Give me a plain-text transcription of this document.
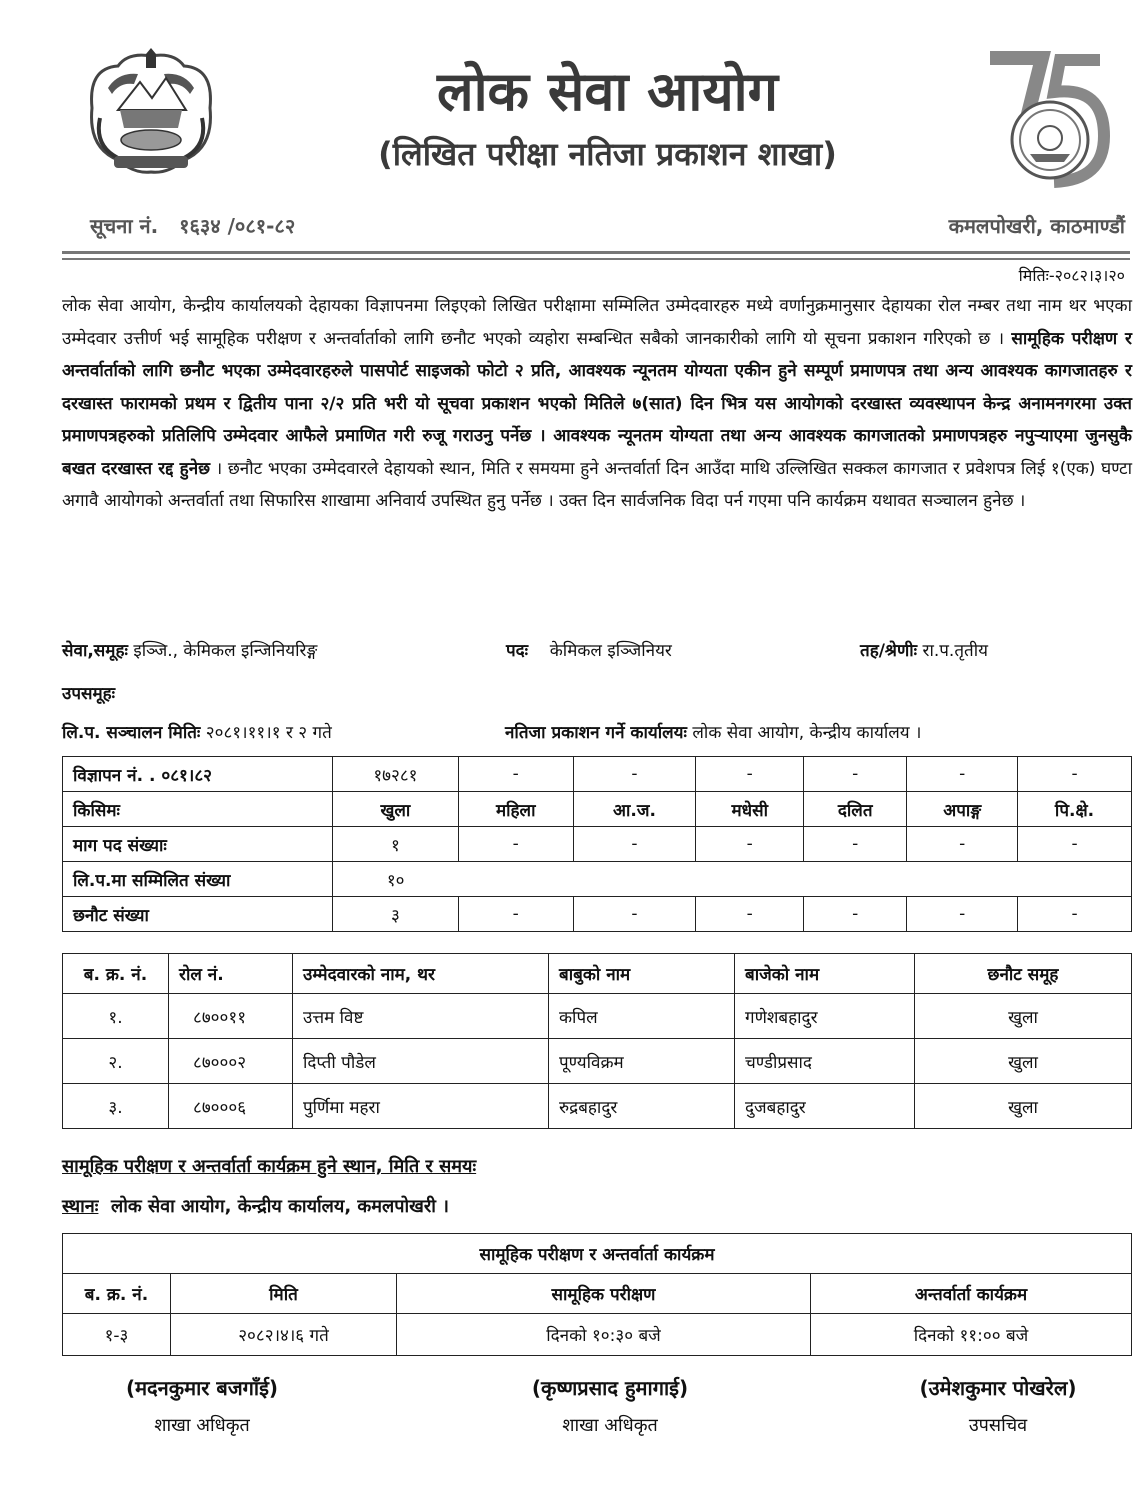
75
लोक सेवा आयोग
(लिखित परीक्षा नतिजा प्रकाशन शाखा)
सूचना नं. १६३४ /०८१-८२	कमलपोखरी, काठमाण्डौं
मितिः-२०८२।३।२०
लोक सेवा आयोग, केन्द्रीय कार्यालयको देहायका विज्ञापनमा लिइएको लिखित परीक्षामा सम्मिलित उम्मेदवारहरु मध्ये वर्णानुक्रमानुसार देहायका रोल नम्बर तथा नाम थर भएका उम्मेदवार उत्तीर्ण भई सामूहिक परीक्षण र अन्तर्वार्ताको लागि छनौट भएको व्यहोरा सम्बन्धित सबैको जानकारीको लागि यो सूचना प्रकाशन गरिएको छ । सामूहिक परीक्षण र अन्तर्वार्ताको लागि छनौट भएका उम्मेदवारहरुले पासपोर्ट साइजको फोटो २ प्रति, आवश्यक न्यूनतम योग्यता एकीन हुने सम्पूर्ण प्रमाणपत्र तथा अन्य आवश्यक कागजातहरु र दरखास्त फारामको प्रथम र द्वितीय पाना २/२ प्रति भरी यो सूचवा प्रकाशन भएको मितिले ७(सात) दिन भित्र यस आयोगको दरखास्त व्यवस्थापन केन्द्र अनामनगरमा उक्त प्रमाणपत्रहरुको प्रतिलिपि उम्मेदवार आफैले प्रमाणित गरी रुजू गराउनु पर्नेछ । आवश्यक न्यूनतम योग्यता तथा अन्य आवश्यक कागजातको प्रमाणपत्रहरु नपुऱ्याएमा जुनसुकै बखत दरखास्त रद्द हुनेछ । छनौट भएका उम्मेदवारले देहायको स्थान, मिति र समयमा हुने अन्तर्वार्ता दिन आउँदा माथि उल्लिखित सक्कल कागजात र प्रवेशपत्र लिई १(एक) घण्टा अगावै आयोगको अन्तर्वार्ता तथा सिफारिस शाखामा अनिवार्य उपस्थित हुनु पर्नेछ । उक्त दिन सार्वजनिक विदा पर्न गएमा पनि कार्यक्रम यथावत सञ्चालन हुनेछ ।
सेवा,समूहः इञ्जि., केमिकल इन्जिनियरिङ्ग	पदः केमिकल इञ्जिनियर	तह/श्रेणीः रा.प.तृतीय
उपसमूहः
लि.प. सञ्चालन मितिः २०८१।११।१ र २ गते	नतिजा प्रकाशन गर्ने कार्यालयः लोक सेवा आयोग, केन्द्रीय कार्यालय ।
विज्ञापन नं. . ०८१।८२	१७२८१	-	-	-	-	-	-
किसिमः	खुला	महिला	आ.ज.	मधेसी	दलित	अपाङ्ग	पि.क्षे.
माग पद संख्याः	१	-	-	-	-	-	-
लि.प.मा सम्मिलित संख्या	१०						
छनौट संख्या	३	-	-	-	-	-	-
ब. क्र. नं.	रोल नं.	उम्मेदवारको नाम, थर	बाबुको नाम	बाजेको नाम	छनौट समूह
१.	८७००११	उत्तम विष्ट	कपिल	गणेशबहादुर	खुला
२.	८७०००२	दिप्ती पौडेल	पूण्यविक्रम	चण्डीप्रसाद	खुला
३.	८७०००६	पुर्णिमा महरा	रुद्रबहादुर	दुजबहादुर	खुला
सामूहिक परीक्षण र अन्तर्वार्ता कार्यक्रम हुने स्थान, मिति र समयः
स्थानः लोक सेवा आयोग, केन्द्रीय कार्यालय, कमलपोखरी ।
सामूहिक परीक्षण र अन्तर्वार्ता कार्यक्रम			
ब. क्र. नं.	मिति	सामूहिक परीक्षण	अन्तर्वार्ता कार्यक्रम
१-३	२०८२।४।६ गते	दिनको १०:३० बजे	दिनको ११:०० बजे
(मदनकुमार बजगाँई)
शाखा अधिकृत
(कृष्णप्रसाद हुमागाई)
शाखा अधिकृत
(उमेशकुमार पोखरेल)
उपसचिव
